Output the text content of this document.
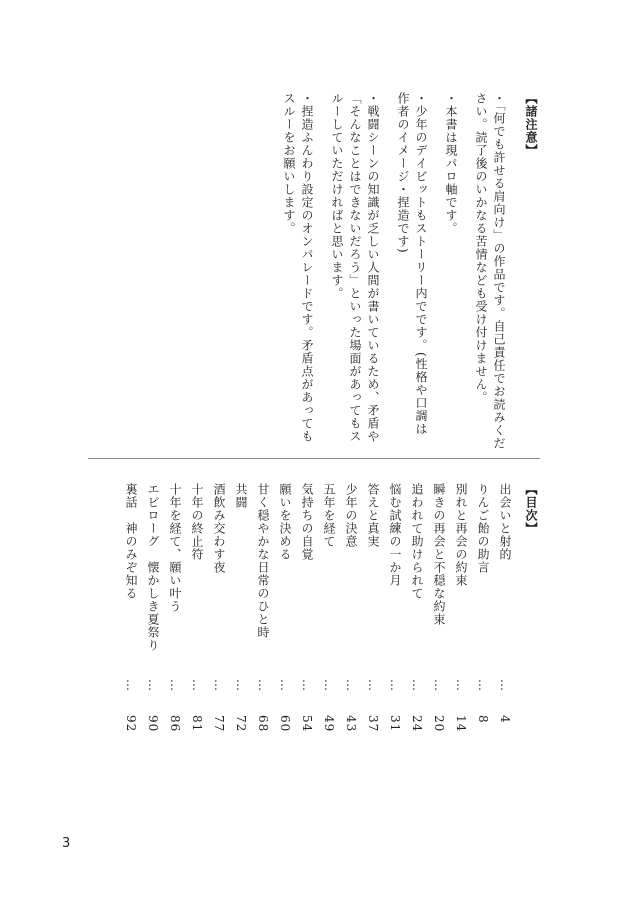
【諸注意】
・「何でも許せる肩向け」の作品です。自己責任でお読みくだ
さい。読了後のいかなる苦情なども受け付けません。
・本書は現パロ軸です。
・少年のデイビットもストーリー内でです。(性格や口調は
作者のイメージ・捏造です)
・戦闘シーンの知識が乏しい人間が書いているため、矛盾や
「そんなことはできないだろう」といった場面があってもス
ルーしていただければと思います。
・捏造ふんわり設定のオンパレードです。矛盾点があっても
スルーをお願いします。
【目次】
出会いと射的
…
4
りんご飴の助言
…
8
別れと再会の約束
…
14
瞬きの再会と不穏な約束
…
20
追われて助けられて
…
24
悩む試練の一か月
…
31
答えと真実
…
37
少年の決意
…
43
五年を経て
…
49
気持ちの自覚
…
54
願いを決める
…
60
甘く穏やかな日常のひと時
…
68
共闘
…
72
酒飲み交わす夜
…
77
十年の終止符
…
81
十年を経て、願い叶う
…
86
エピローグ　懐かしき夏祭り
…
90
裏話　神のみぞ知る
…
92
3
